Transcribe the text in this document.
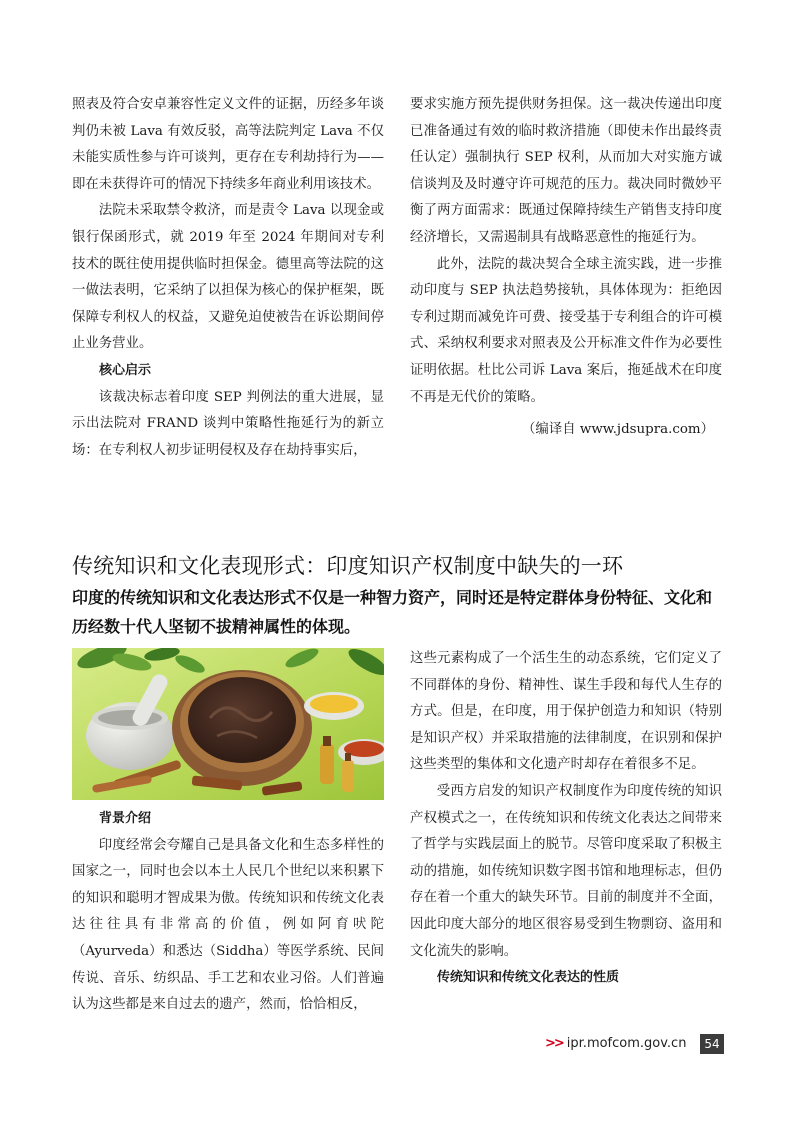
照表及符合安卓兼容性定义文件的证据，历经多年谈判仍未被 Lava 有效反驳，高等法院判定 Lava 不仅未能实质性参与许可谈判，更存在专利劫持行为——即在未获得许可的情况下持续多年商业利用该技术。

法院未采取禁令救济，而是责令 Lava 以现金或银行保函形式，就 2019 年至 2024 年期间对专利技术的既往使用提供临时担保金。德里高等法院的这一做法表明，它采纳了以担保为核心的保护框架，既保障专利权人的权益，又避免迫使被告在诉讼期间停止业务营业。

核心启示

该裁决标志着印度 SEP 判例法的重大进展，显示出法院对 FRAND 谈判中策略性拖延行为的新立场：在专利权人初步证明侵权及存在劫持事实后，

要求实施方预先提供财务担保。这一裁决传递出印度已准备通过有效的临时救济措施（即使未作出最终责任认定）强制执行 SEP 权利，从而加大对实施方诚信谈判及及时遵守许可规范的压力。裁决同时微妙平衡了两方面需求：既通过保障持续生产销售支持印度经济增长，又需遏制具有战略恶意性的拖延行为。

此外，法院的裁决契合全球主流实践，进一步推动印度与 SEP 执法趋势接轨，具体体现为：拒绝因专利过期而减免许可费、接受基于专利组合的许可模式、采纳权利要求对照表及公开标准文件作为必要性证明依据。杜比公司诉 Lava 案后，拖延战术在印度不再是无代价的策略。

（编译自 www.jdsupra.com）

传统知识和文化表现形式：印度知识产权制度中缺失的一环

印度的传统知识和文化表达形式不仅是一种智力资产，同时还是特定群体身份特征、文化和历经数十代人坚韧不拔精神属性的体现。

背景介绍

印度经常会夸耀自己是具备文化和生态多样性的国家之一，同时也会以本土人民几个世纪以来积累下的知识和聪明才智成果为傲。传统知识和传统文化表达往往具有非常高的价值，例如阿育吠陀（Ayurveda）和悉达（Siddha）等医学系统、民间传说、音乐、纺织品、手工艺和农业习俗。人们普遍认为这些都是来自过去的遗产，然而，恰恰相反，

这些元素构成了一个活生生的动态系统，它们定义了不同群体的身份、精神性、谋生手段和每代人生存的方式。但是，在印度，用于保护创造力和知识（特别是知识产权）并采取措施的法律制度，在识别和保护这些类型的集体和文化遗产时却存在着很多不足。

受西方启发的知识产权制度作为印度传统的知识产权模式之一，在传统知识和传统文化表达之间带来了哲学与实践层面上的脱节。尽管印度采取了积极主动的措施，如传统知识数字图书馆和地理标志，但仍存在着一个重大的缺失环节。目前的制度并不全面，因此印度大部分的地区很容易受到生物剽窃、盗用和文化流失的影响。

传统知识和传统文化表达的性质

>> ipr.mofcom.gov.cn	54
